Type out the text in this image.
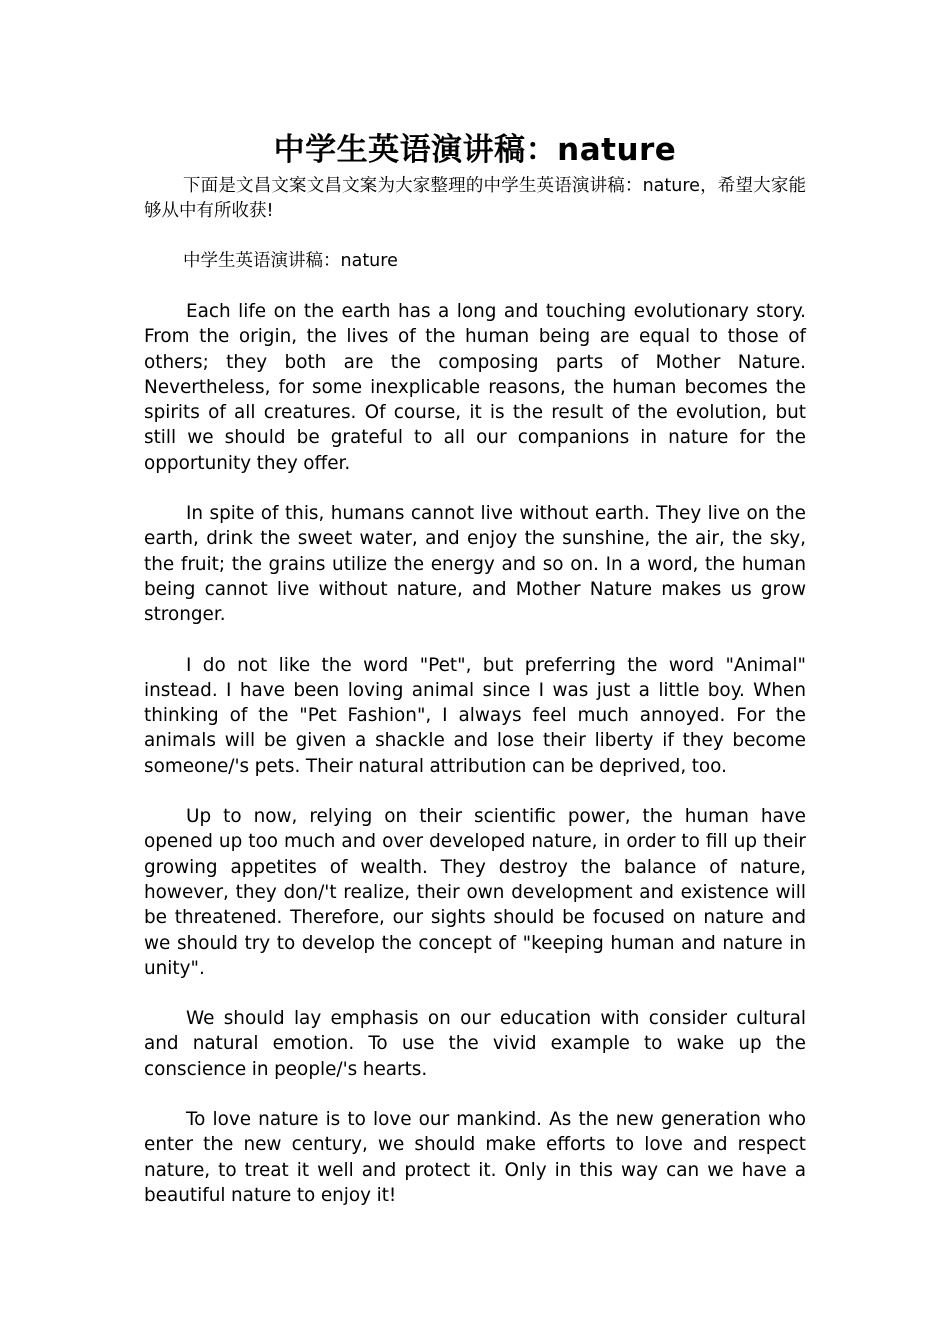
中学生英语演讲稿：nature

下面是文昌文案文昌文案为大家整理的中学生英语演讲稿：nature，希望大家能够从中有所收获!

中学生英语演讲稿：nature

Each life on the earth has a long and touching evolutionary story. From the origin, the lives of the human being are equal to those of others; they both are the composing parts of Mother Nature. Nevertheless, for some inexplicable reasons, the human becomes the spirits of all creatures. Of course, it is the result of the evolution, but still we should be grateful to all our companions in nature for the opportunity they offer.

In spite of this, humans cannot live without earth. They live on the earth, drink the sweet water, and enjoy the sunshine, the air, the sky, the fruit; the grains utilize the energy and so on. In a word, the human being cannot live without nature, and Mother Nature makes us grow stronger.

I do not like the word "Pet", but preferring the word "Animal" instead. I have been loving animal since I was just a little boy. When thinking of the "Pet Fashion", I always feel much annoyed. For the animals will be given a shackle and lose their liberty if they become someone/'s pets. Their natural attribution can be deprived, too.

Up to now, relying on their scientific power, the human have opened up too much and over developed nature, in order to fill up their growing appetites of wealth. They destroy the balance of nature, however, they don/'t realize, their own development and existence will be threatened. Therefore, our sights should be focused on nature and we should try to develop the concept of "keeping human and nature in unity".

We should lay emphasis on our education with consider cultural and natural emotion. To use the vivid example to wake up the conscience in people/'s hearts.

To love nature is to love our mankind. As the new generation who enter the new century, we should make efforts to love and respect nature, to treat it well and protect it. Only in this way can we have a beautiful nature to enjoy it!
